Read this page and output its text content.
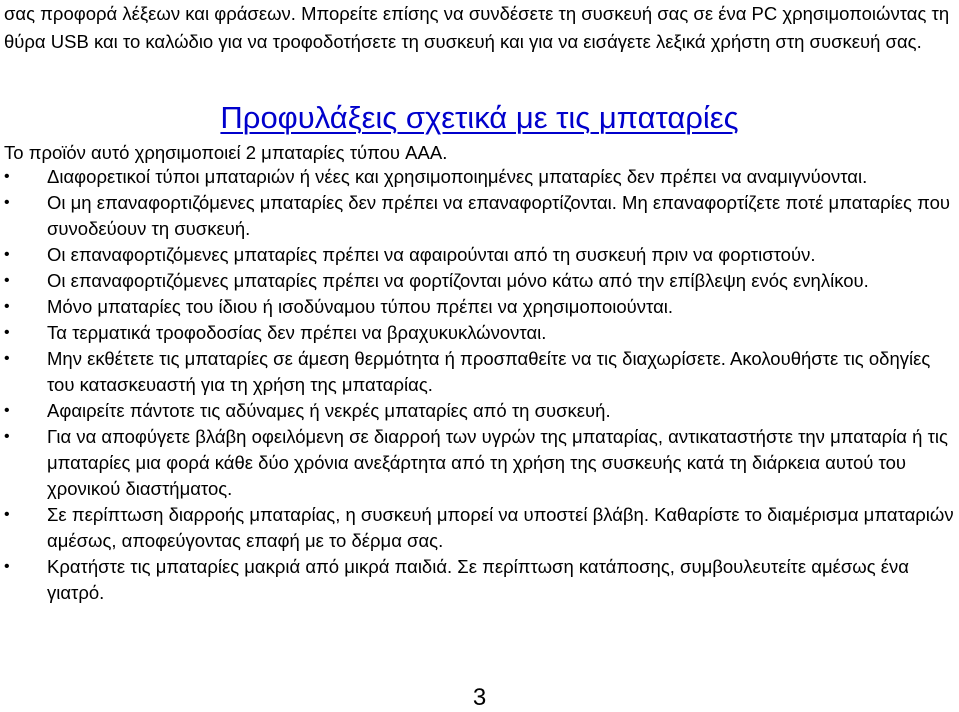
σας προφορά λέξεων και φράσεων. Μπορείτε επίσης να συνδέσετε τη συσκευή σας σε ένα PC χρησιμοποιώντας τη θύρα USB και το καλώδιο για να τροφοδοτήσετε τη συσκευή και για να εισάγετε λεξικά χρήστη στη συσκευή σας.

Προφυλάξεις σχετικά με τις μπαταρίες

Το προϊόν αυτό χρησιμοποιεί 2 μπαταρίες τύπου AAA.

• Διαφορετικοί τύποι μπαταριών ή νέες και χρησιμοποιημένες μπαταρίες δεν πρέπει να αναμιγνύονται.
• Οι μη επαναφορτιζόμενες μπαταρίες δεν πρέπει να επαναφορτίζονται. Μη επαναφορτίζετε ποτέ μπαταρίες που συνοδεύουν τη συσκευή.
• Οι επαναφορτιζόμενες μπαταρίες πρέπει να αφαιρούνται από τη συσκευή πριν να φορτιστούν.
• Οι επαναφορτιζόμενες μπαταρίες πρέπει να φορτίζονται μόνο κάτω από την επίβλεψη ενός ενηλίκου.
• Μόνο μπαταρίες του ίδιου ή ισοδύναμου τύπου πρέπει να χρησιμοποιούνται.
• Τα τερματικά τροφοδοσίας δεν πρέπει να βραχυκυκλώνονται.
• Μην εκθέτετε τις μπαταρίες σε άμεση θερμότητα ή προσπαθείτε να τις διαχωρίσετε. Ακολουθήστε τις οδηγίες του κατασκευαστή για τη χρήση της μπαταρίας.
• Αφαιρείτε πάντοτε τις αδύναμες ή νεκρές μπαταρίες από τη συσκευή.
• Για να αποφύγετε βλάβη οφειλόμενη σε διαρροή των υγρών της μπαταρίας, αντικαταστήστε την μπαταρία ή τις μπαταρίες μια φορά κάθε δύο χρόνια ανεξάρτητα από τη χρήση της συσκευής κατά τη διάρκεια αυτού του χρονικού διαστήματος.
• Σε περίπτωση διαρροής μπαταρίας, η συσκευή μπορεί να υποστεί βλάβη. Καθαρίστε το διαμέρισμα μπαταριών αμέσως, αποφεύγοντας επαφή με το δέρμα σας.
• Κρατήστε τις μπαταρίες μακριά από μικρά παιδιά. Σε περίπτωση κατάποσης, συμβουλευτείτε αμέσως ένα γιατρό.
3
